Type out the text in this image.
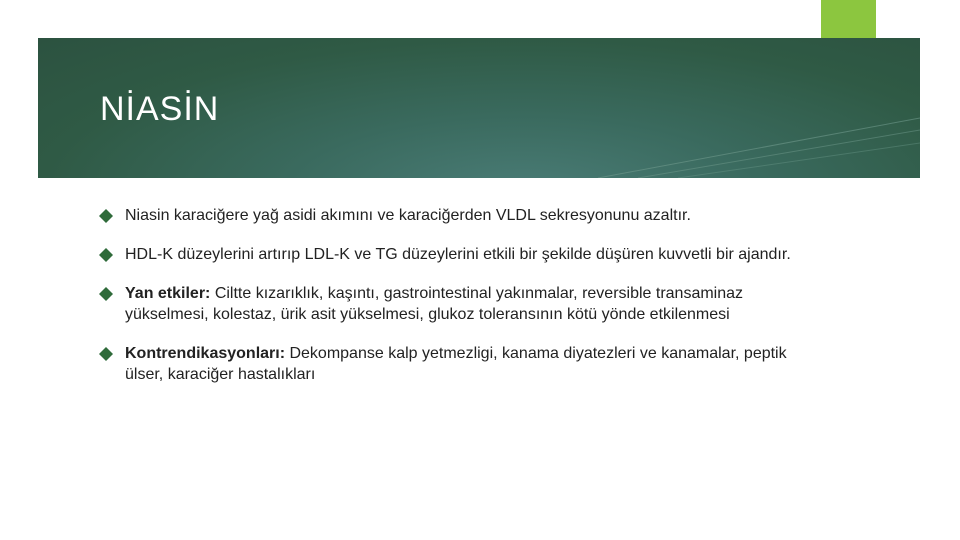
NİASİN
Niasin karaciğere yağ asidi akımını ve karaciğerden VLDL sekresyonunu azaltır.
HDL-K düzeylerini artırıp LDL-K ve TG düzeylerini etkili bir şekilde düşüren kuvvetli bir ajandır.
Yan etkiler: Ciltte kızarıklık, kaşıntı, gastrointestinal yakınmalar, reversible transaminaz yükselmesi, kolestaz, ürik asit yükselmesi, glukoz toleransının kötü yönde etkilenmesi
Kontrendikasyonları: Dekompanse kalp yetmezligi, kanama diyatezleri ve kanamalar, peptik ülser, karaciğer hastalıkları
